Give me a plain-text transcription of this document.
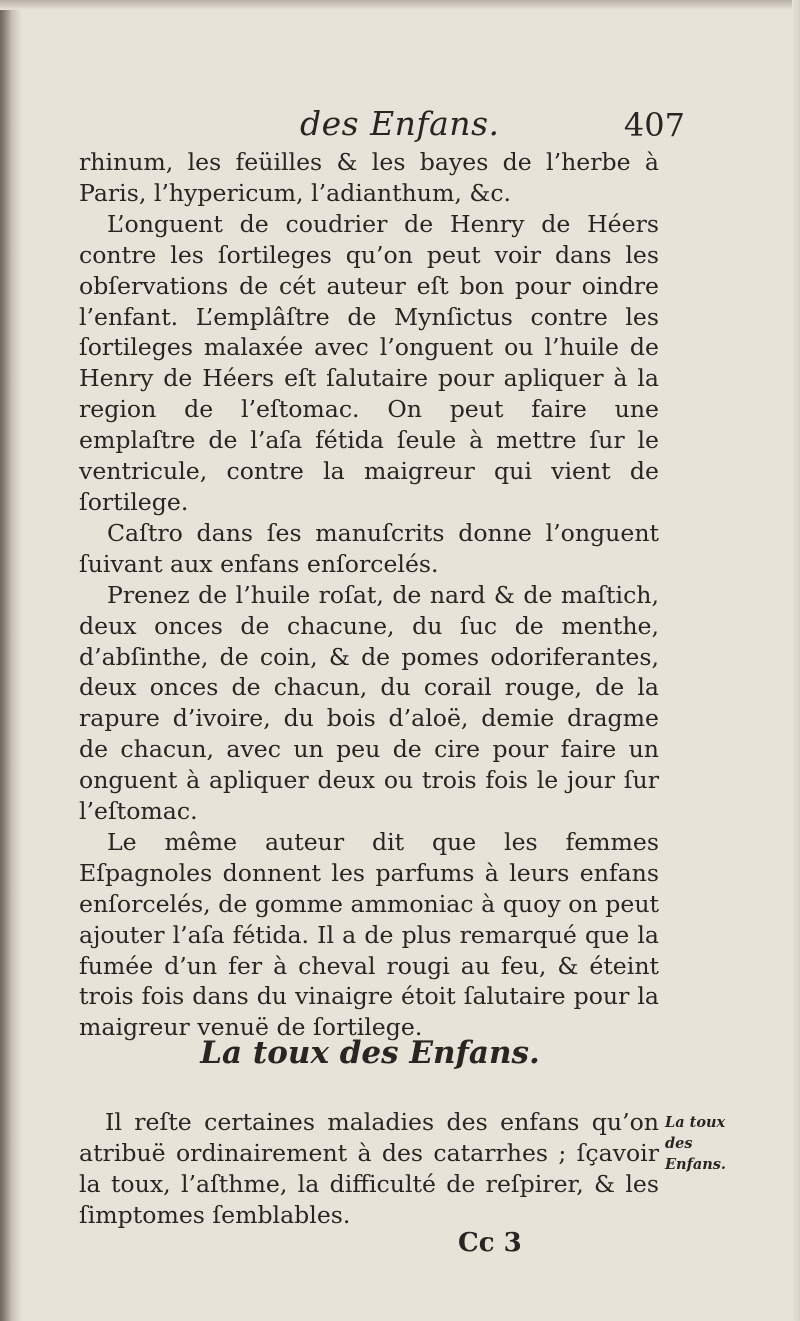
des Enfans.	407

rhinum, les feüilles & les bayes de l’herbe à Paris, l’hypericum, l’adianthum, &c.

L’onguent de coudrier de Henry de Héers contre les ſortileges qu’on peut voir dans les obſervations de cét auteur eſt bon pour oindre l’enfant. L’emplâſtre de Mynſictus contre les ſortileges malaxée avec l’onguent ou l’huile de Henry de Héers eſt ſalutaire pour apliquer à la region de l’eſtomac. On peut faire une emplaſtre de l’aſa fétida ſeule à mettre ſur le ventricule, contre la maigreur qui vient de ſortilege.

Caſtro dans ſes manuſcrits donne l’onguent ſuivant aux enfans enſorcelés.

Prenez de l’huile roſat, de nard & de maſtich, deux onces de chacune, du ſuc de menthe, d’abſinthe, de coin, & de pomes odoriferantes, deux onces de chacun, du corail rouge, de la rapure d’ivoire, du bois d’aloë, demie dragme de chacun, avec un peu de cire pour faire un onguent à apliquer deux ou trois fois le jour ſur l’eſtomac.

Le même auteur dit que les femmes Eſpagnoles donnent les parfums à leurs enfans enſorcelés, de gomme ammoniac à quoy on peut ajouter l’aſa fétida. Il a de plus remarqué que la fumée d’un fer à cheval rougi au feu, & éteint trois fois dans du vinaigre étoit ſalutaire pour la maigreur venuë de ſortilege.

La toux des Enfans.

Il reſte certaines maladies des enfans qu’on atribuë ordinairement à des catarrhes ; ſçavoir la toux, l’aſthme, la difficulté de reſpirer, & les ſimptomes ſemblables.

La toux des Enfans.
Cc 3
